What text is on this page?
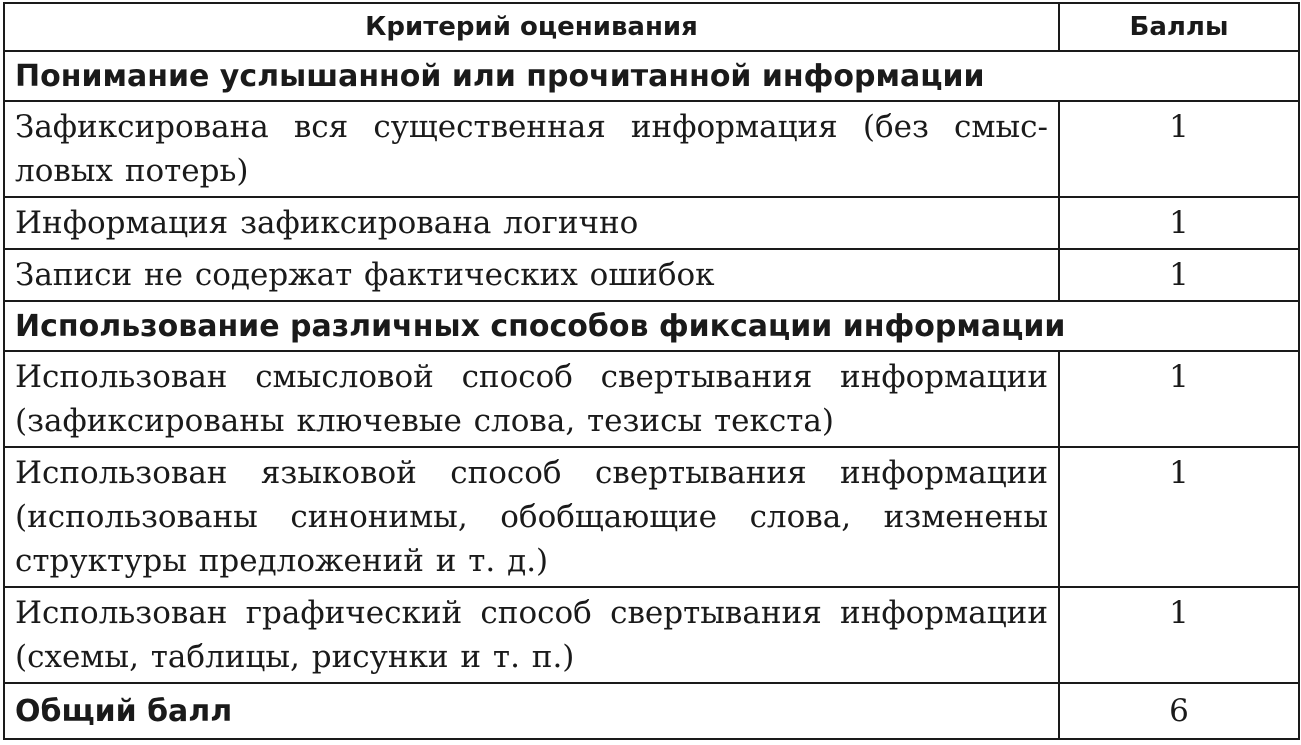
Критерий оценивания	Баллы
Понимание услышанной или прочитанной информации	
Зафиксирована вся существенная информация (без смысловых потерь)	1
Информация зафиксирована логично	1
Записи не содержат фактических ошибок	1
Использование различных способов фиксации информации	
Использован смысловой способ свертывания информации (зафиксированы ключевые слова, тезисы текста)	1
Использован языковой способ свертывания информации (использованы синонимы, обобщающие слова, изменены структуры предложений и т. д.)	1
Использован графический способ свертывания информации (схемы, таблицы, рисунки и т. п.)	1
Общий балл	6
